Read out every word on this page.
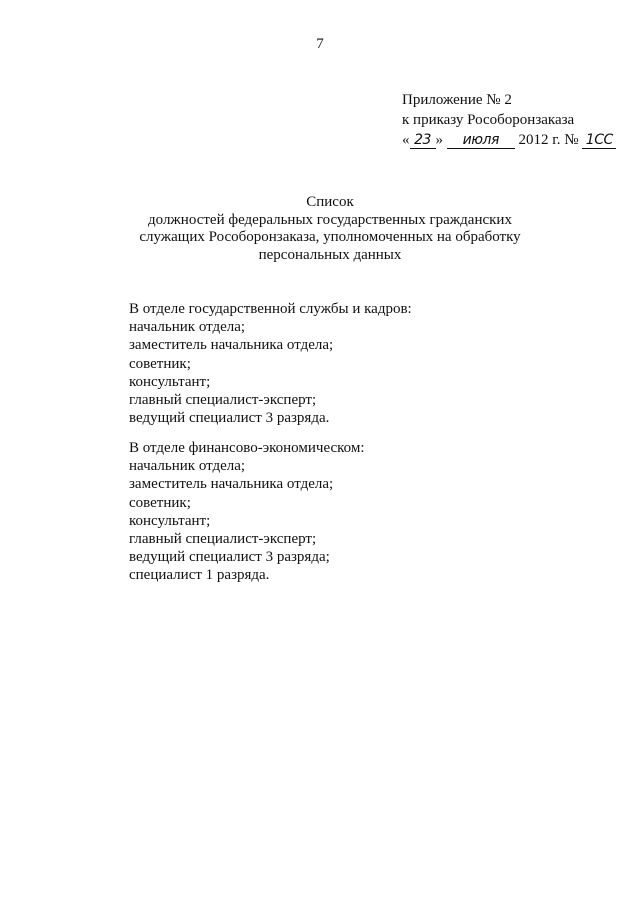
7
Приложение № 2
к приказу Рособоронзаказа
« 23 » июля 2012 г. № 1СС
Список
должностей федеральных государственных гражданских
служащих Рособоронзаказа, уполномоченных на обработку
персональных данных
В отделе государственной службы и кадров:
начальник отдела;
заместитель начальника отдела;
советник;
консультант;
главный специалист-эксперт;
ведущий специалист 3 разряда.
В отделе финансово-экономическом:
начальник отдела;
заместитель начальника отдела;
советник;
консультант;
главный специалист-эксперт;
ведущий специалист 3 разряда;
специалист 1 разряда.
